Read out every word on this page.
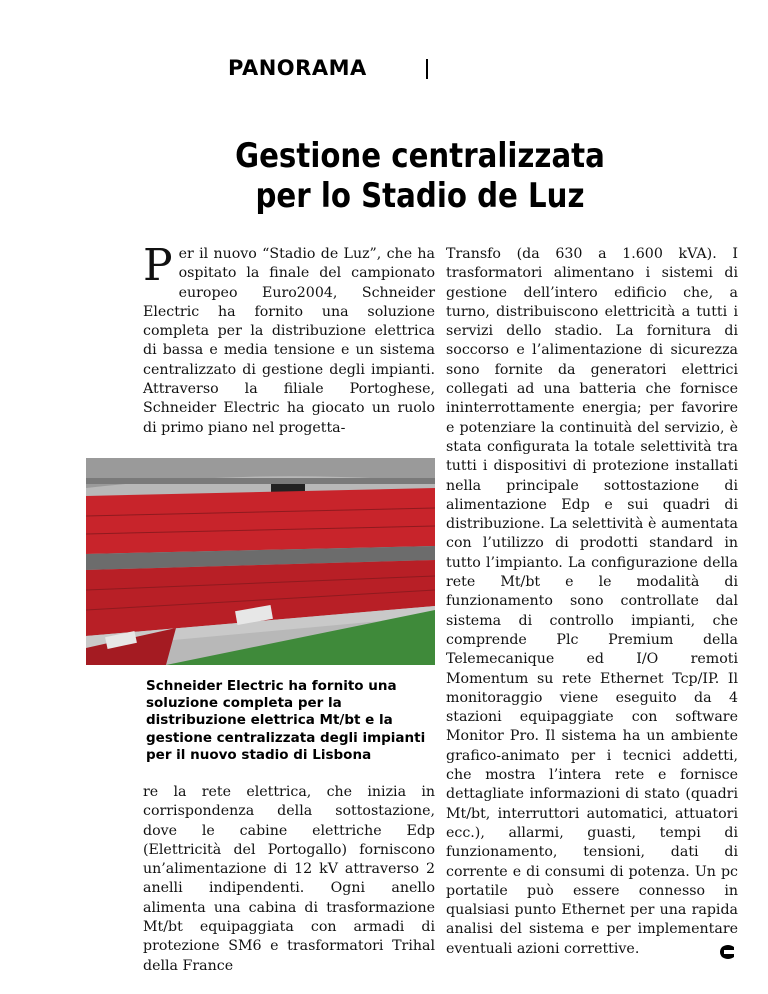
PANORAMA
Gestione centralizzata
per lo Stadio de Luz

Per il nuovo “Stadio de Luz”, che ha ospitato la finale del campionato europeo Euro2004, Schneider Electric ha fornito una soluzione completa per la distribuzione elettrica di bassa e media tensione e un sistema centralizzato di gestione degli impianti. Attraverso la filiale Portoghese, Schneider Electric ha giocato un ruolo di primo piano nel progetta-

Schneider Electric ha fornito una soluzione completa per la distribuzione elettrica Mt/bt e la gestione centralizzata degli impianti per il nuovo stadio di Lisbona

re la rete elettrica, che inizia in corrispondenza della sottostazione, dove le cabine elettriche Edp (Elettricità del Portogallo) forniscono un’alimentazione di 12 kV attraverso 2 anelli indipendenti. Ogni anello alimenta una cabina di trasformazione Mt/bt equipaggiata con armadi di protezione SM6 e trasformatori Trihal della France

Transfo (da 630 a 1.600 kVA). I trasformatori alimentano i sistemi di gestione dell’intero edificio che, a turno, distribuiscono elettricità a tutti i servizi dello stadio. La fornitura di soccorso e l’alimentazione di sicurezza sono fornite da generatori elettrici collegati ad una batteria che fornisce ininterrottamente energia; per favorire e potenziare la continuità del servizio, è stata configurata la totale selettività tra tutti i dispositivi di protezione installati nella principale sottostazione di alimentazione Edp e sui quadri di distribuzione. La selettività è aumentata con l’utilizzo di prodotti standard in tutto l’impianto. La configurazione della rete Mt/bt e le modalità di funzionamento sono controllate dal sistema di controllo impianti, che comprende Plc Premium della Telemecanique ed I/O remoti Momentum su rete Ethernet Tcp/IP. Il monitoraggio viene eseguito da 4 stazioni equipaggiate con software Monitor Pro. Il sistema ha un ambiente grafico-animato per i tecnici addetti, che mostra l’intera rete e fornisce dettagliate informazioni di stato (quadri Mt/bt, interruttori automatici, attuatori ecc.), allarmi, guasti, tempi di funzionamento, tensioni, dati di corrente e di consumi di potenza. Un pc portatile può essere connesso in qualsiasi punto Ethernet per una rapida analisi del sistema e per implementare eventuali azioni correttive.
